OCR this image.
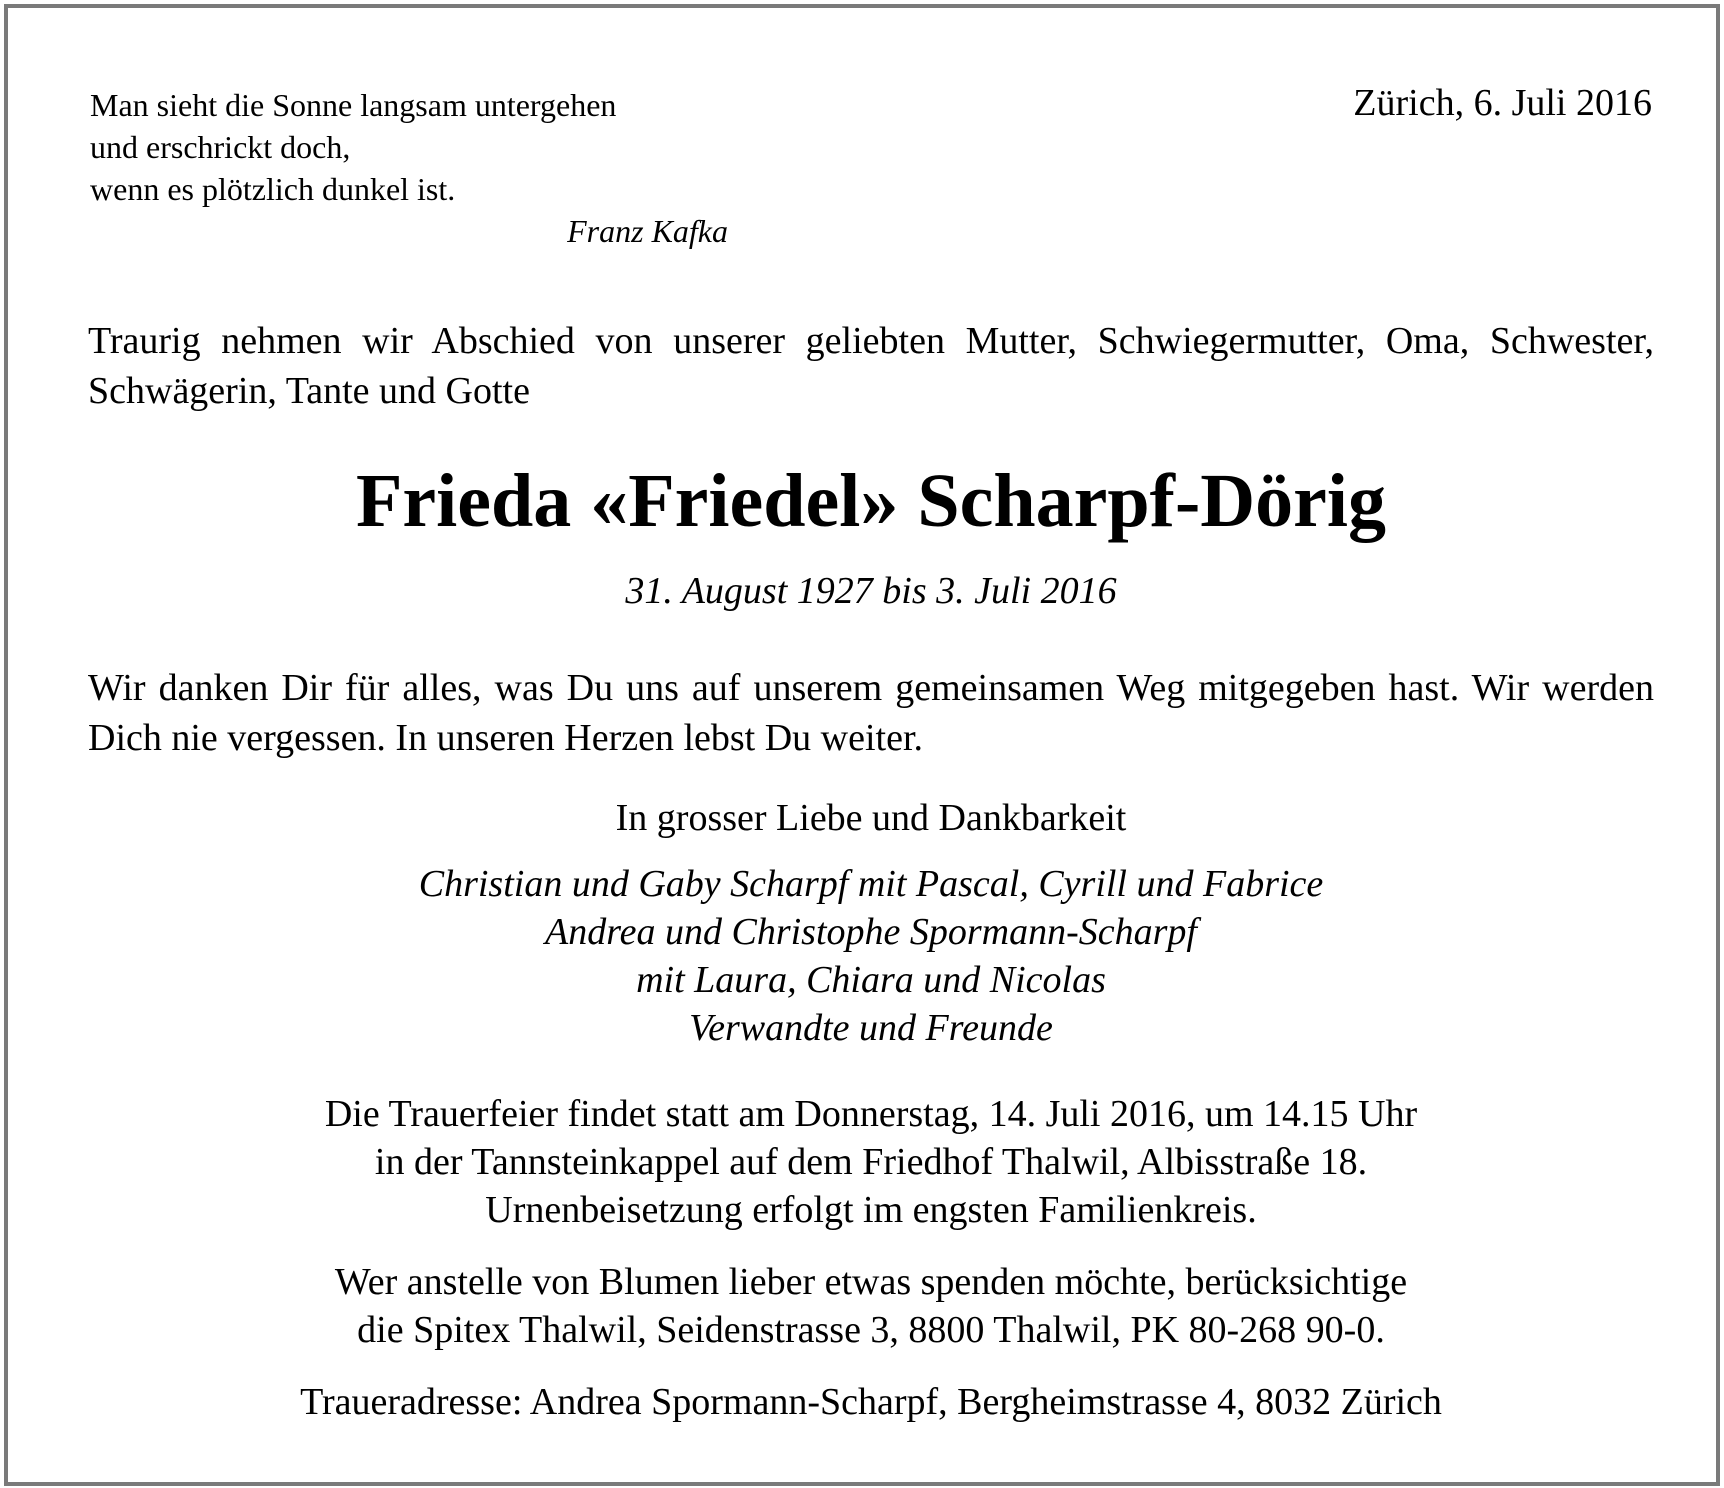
Man sieht die Sonne langsam untergehen
und erschrickt doch,
wenn es plötzlich dunkel ist.
Franz Kafka
Zürich, 6. Juli 2016
Traurig nehmen wir Abschied von unserer geliebten Mutter, Schwiegermutter, Oma, Schwester, Schwägerin, Tante und Gotte
Frieda «Friedel» Scharpf-Dörig
31. August 1927 bis 3. Juli 2016
Wir danken Dir für alles, was Du uns auf unserem gemeinsamen Weg mitgegeben hast. Wir werden Dich nie vergessen. In unseren Herzen lebst Du weiter.
In grosser Liebe und Dankbarkeit
Christian und Gaby Scharpf mit Pascal, Cyrill und Fabrice
Andrea und Christophe Spormann-Scharpf
mit Laura, Chiara und Nicolas
Verwandte und Freunde
Die Trauerfeier findet statt am Donnerstag, 14. Juli 2016, um 14.15 Uhr
in der Tannsteinkappel auf dem Friedhof Thalwil, Albisstraße 18.
Urnenbeisetzung erfolgt im engsten Familienkreis.
Wer anstelle von Blumen lieber etwas spenden möchte, berücksichtige
die Spitex Thalwil, Seidenstrasse 3, 8800 Thalwil, PK 80-268 90-0.
Traueradresse: Andrea Spormann-Scharpf, Bergheimstrasse 4, 8032 Zürich
